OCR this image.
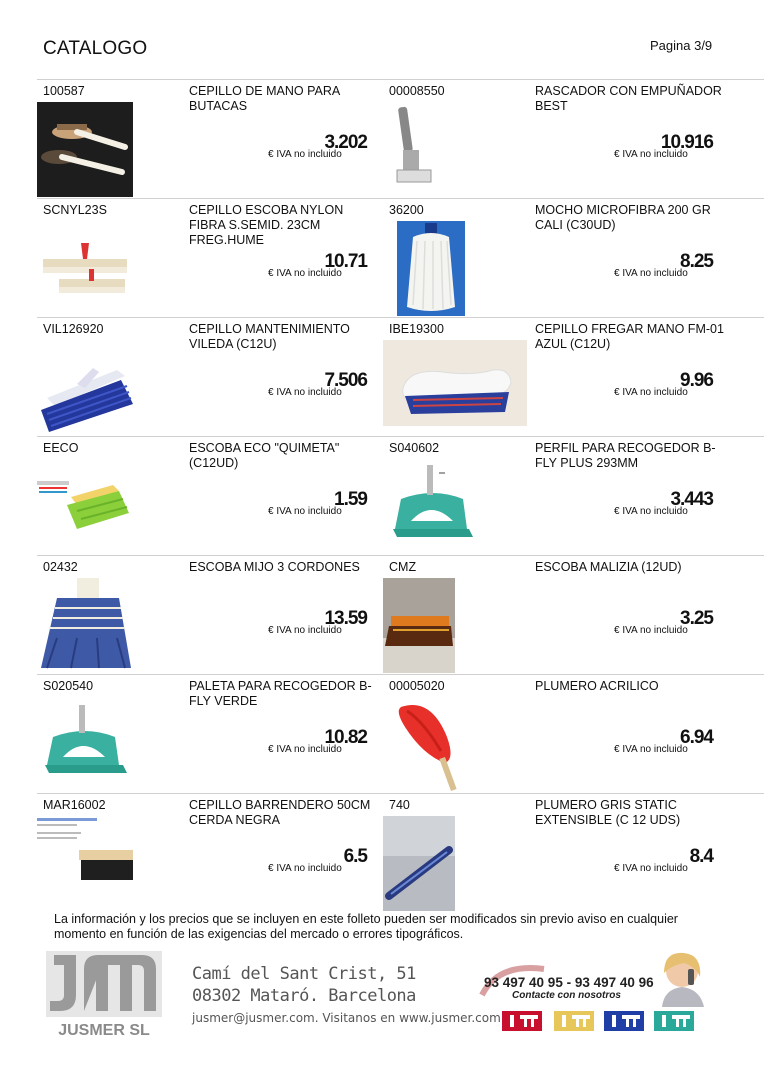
CATALOGO	Pagina 3/9
100587	CEPILLO DE MANO PARA BUTACAS
3.202
€ IVA no incluido
00008550	RASCADOR CON EMPUÑADOR BEST
10.916
€ IVA no incluido
SCNYL23S	CEPILLO ESCOBA NYLON FIBRA S.SEMID. 23CM FREG.HUME
10.71
€ IVA no incluido
36200	MOCHO MICROFIBRA 200 GR CALI (C30UD)
8.25
€ IVA no incluido
VIL126920	CEPILLO MANTENIMIENTO VILEDA (C12U)
7.506
€ IVA no incluido
IBE19300	CEPILLO FREGAR MANO FM-01 AZUL (C12U)
9.96
€ IVA no incluido
EECO	ESCOBA ECO "QUIMETA" (C12UD)
1.59
€ IVA no incluido
S040602	PERFIL PARA RECOGEDOR B-FLY PLUS 293MM
3.443
€ IVA no incluido
02432	ESCOBA MIJO 3 CORDONES
13.59
€ IVA no incluido
CMZ	ESCOBA MALIZIA (12UD)
3.25
€ IVA no incluido
S020540	PALETA PARA RECOGEDOR B-FLY VERDE
10.82
€ IVA no incluido
00005020	PLUMERO ACRILICO
6.94
€ IVA no incluido
MAR16002	CEPILLO BARRENDERO 50CM CERDA NEGRA
6.5
€ IVA no incluido
740	PLUMERO GRIS STATIC EXTENSIBLE (C 12 UDS)
8.4
€ IVA no incluido
La información y los precios que se incluyen en este folleto pueden ser modificados sin previo aviso en cualquier momento en función de las exigencias del mercado o errores tipográficos.
JUSMER SL
Camí del Sant Crist, 51
08302 Mataró. Barcelona
jusmer@jusmer.com. Visitanos en www.jusmer.com
93 497 40 95 - 93 497 40 96
Contacte con nosotros
